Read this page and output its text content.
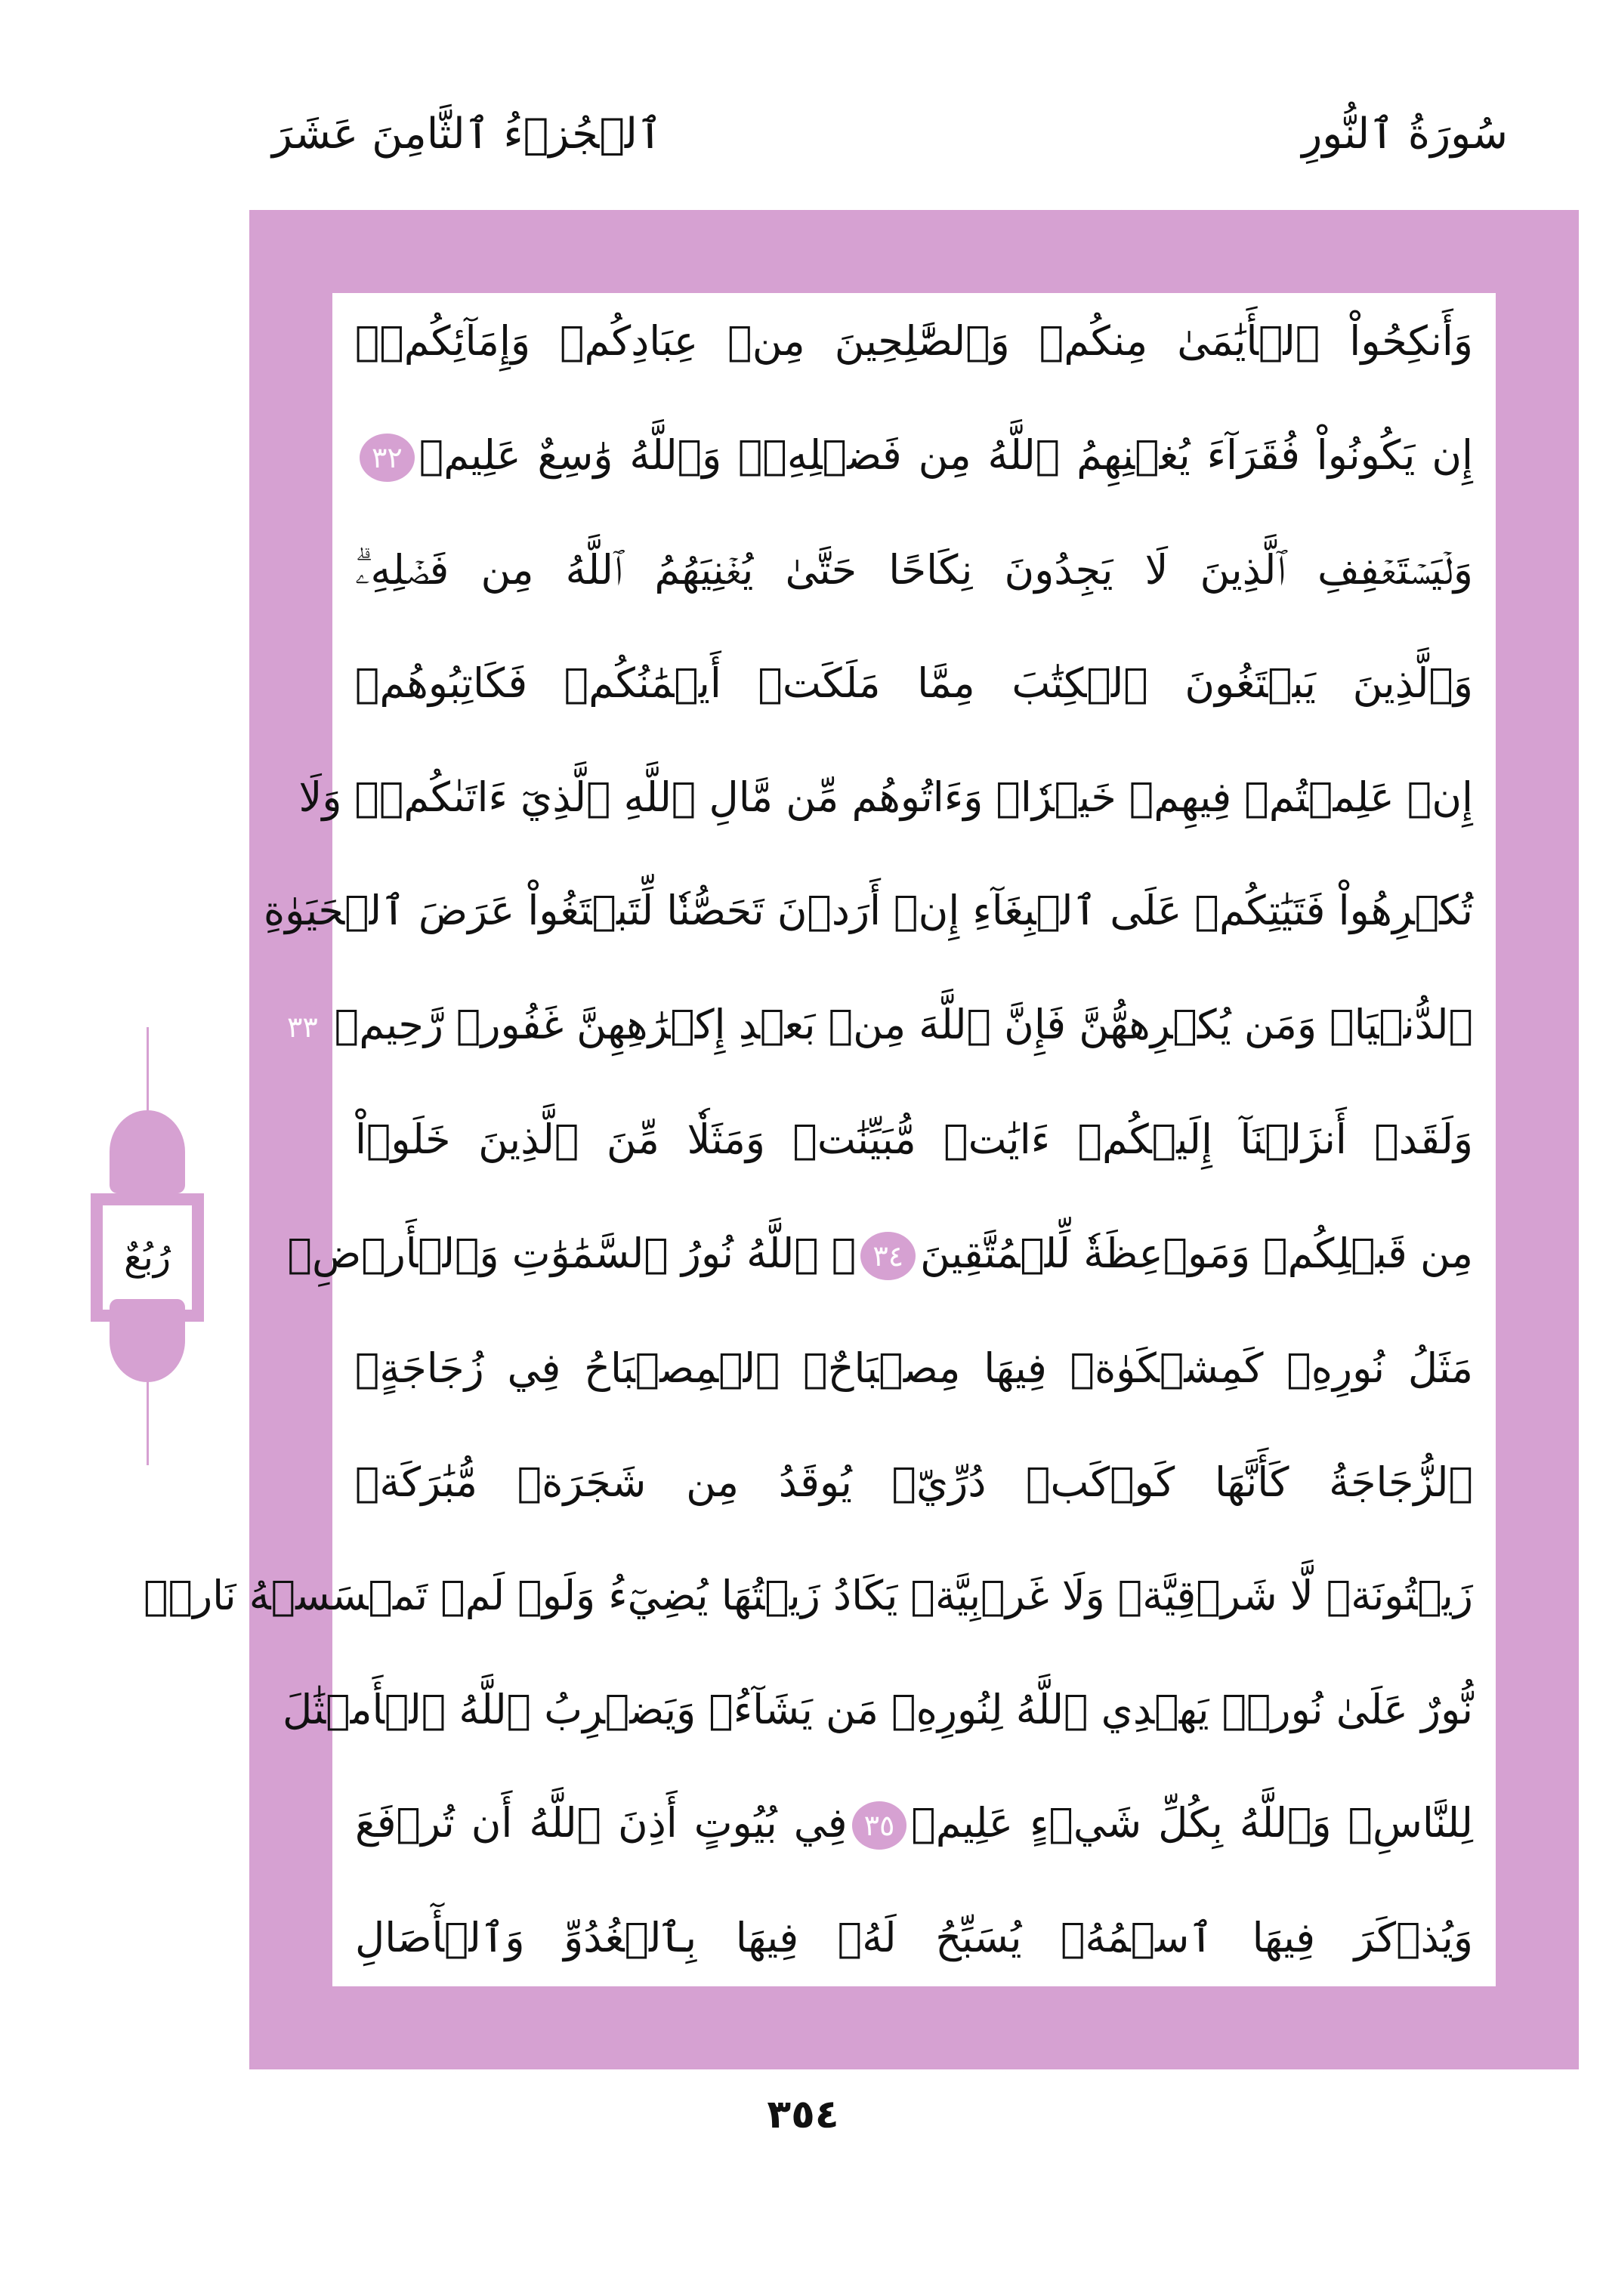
ٱلۡجُزۡءُ ٱلثَّامِنَ عَشَرَ	سُورَةُ ٱلنُّورِ
وَأَنكِحُواْ ٱلۡأَيَٰمَىٰ مِنكُمۡ وَٱلصَّٰلِحِينَ مِنۡ عِبَادِكُمۡ وَإِمَآئِكُمۡۚ
إِن يَكُونُواْ فُقَرَآءَ يُغۡنِهِمُ ٱللَّهُ مِن فَضۡلِهِۦۗ وَٱللَّهُ وَٰسِعٌ عَلِيمٞ٣٢
وَلۡيَسۡتَعۡفِفِ ٱلَّذِينَ لَا يَجِدُونَ نِكَاحًا حَتَّىٰ يُغۡنِيَهُمُ ٱللَّهُ مِن فَضۡلِهِۦۗ
وَٱلَّذِينَ يَبۡتَغُونَ ٱلۡكِتَٰبَ مِمَّا مَلَكَتۡ أَيۡمَٰنُكُمۡ فَكَاتِبُوهُمۡ
إِنۡ عَلِمۡتُمۡ فِيهِمۡ خَيۡرٗاۖ وَءَاتُوهُم مِّن مَّالِ ٱللَّهِ ٱلَّذِيٓ ءَاتَىٰكُمۡۚ وَلَا
تُكۡرِهُواْ فَتَيَٰتِكُمۡ عَلَى ٱلۡبِغَآءِ إِنۡ أَرَدۡنَ تَحَصُّنٗا لِّتَبۡتَغُواْ عَرَضَ ٱلۡحَيَوٰةِ
ٱلدُّنۡيَاۚ وَمَن يُكۡرِههُّنَّ فَإِنَّ ٱللَّهَ مِنۢ بَعۡدِ إِكۡرَٰهِهِنَّ غَفُورٞ رَّحِيمٞ٣٣
وَلَقَدۡ أَنزَلۡنَآ إِلَيۡكُمۡ ءَايَٰتٖ مُّبَيِّنَٰتٖ وَمَثَلٗا مِّنَ ٱلَّذِينَ خَلَوۡاْ
مِن قَبۡلِكُمۡ وَمَوۡعِظَةٗ لِّلۡمُتَّقِينَ٣٤۞ ٱللَّهُ نُورُ ٱلسَّمَٰوَٰتِ وَٱلۡأَرۡضِۚ
مَثَلُ نُورِهِۦ كَمِشۡكَوٰةٖ فِيهَا مِصۡبَاحٌۖ ٱلۡمِصۡبَاحُ فِي زُجَاجَةٍۖ
ٱلزُّجَاجَةُ كَأَنَّهَا كَوۡكَبٞ دُرِّيّٞ يُوقَدُ مِن شَجَرَةٖ مُّبَٰرَكَةٖ
زَيۡتُونَةٖ لَّا شَرۡقِيَّةٖ وَلَا غَرۡبِيَّةٖ يَكَادُ زَيۡتُهَا يُضِيٓءُ وَلَوۡ لَمۡ تَمۡسَسۡهُ نَارٞۚ
نُّورٌ عَلَىٰ نُورٖۚ يَهۡدِي ٱللَّهُ لِنُورِهِۦ مَن يَشَآءُۚ وَيَضۡرِبُ ٱللَّهُ ٱلۡأَمۡثَٰلَ
لِلنَّاسِۗ وَٱللَّهُ بِكُلِّ شَيۡءٍ عَلِيمٞ٣٥فِي بُيُوتٍ أَذِنَ ٱللَّهُ أَن تُرۡفَعَ
وَيُذۡكَرَ فِيهَا ٱسۡمُهُۥ يُسَبِّحُ لَهُۥ فِيهَا بِٱلۡغُدُوِّ وَٱلۡأٓصَالِ
رُبُعٌ
٣٥٤
